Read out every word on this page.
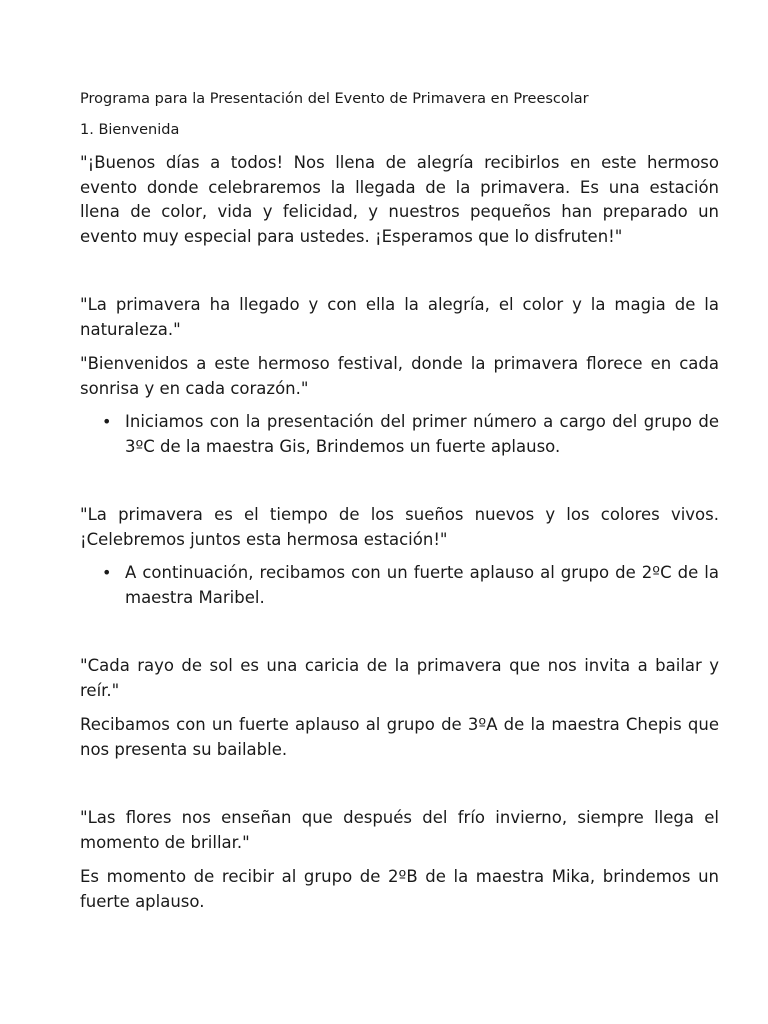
Programa para la Presentación del Evento de Primavera en Preescolar

1. Bienvenida

"¡Buenos días a todos! Nos llena de alegría recibirlos en este hermoso evento donde celebraremos la llegada de la primavera. Es una estación llena de color, vida y felicidad, y nuestros pequeños han preparado un evento muy especial para ustedes. ¡Esperamos que lo disfruten!"

"La primavera ha llegado y con ella la alegría, el color y la magia de la naturaleza."

"Bienvenidos a este hermoso festival, donde la primavera florece en cada sonrisa y en cada corazón."

• Iniciamos con la presentación del primer número a cargo del grupo de 3ºC de la maestra Gis, Brindemos un fuerte aplauso.

"La primavera es el tiempo de los sueños nuevos y los colores vivos. ¡Celebremos juntos esta hermosa estación!"

• A continuación, recibamos con un fuerte aplauso al grupo de 2ºC de la maestra Maribel.

"Cada rayo de sol es una caricia de la primavera que nos invita a bailar y reír."

Recibamos con un fuerte aplauso al grupo de 3ºA de la maestra Chepis que nos presenta su bailable.

"Las flores nos enseñan que después del frío invierno, siempre llega el momento de brillar."

Es momento de recibir al grupo de 2ºB de la maestra Mika, brindemos un fuerte aplauso.
